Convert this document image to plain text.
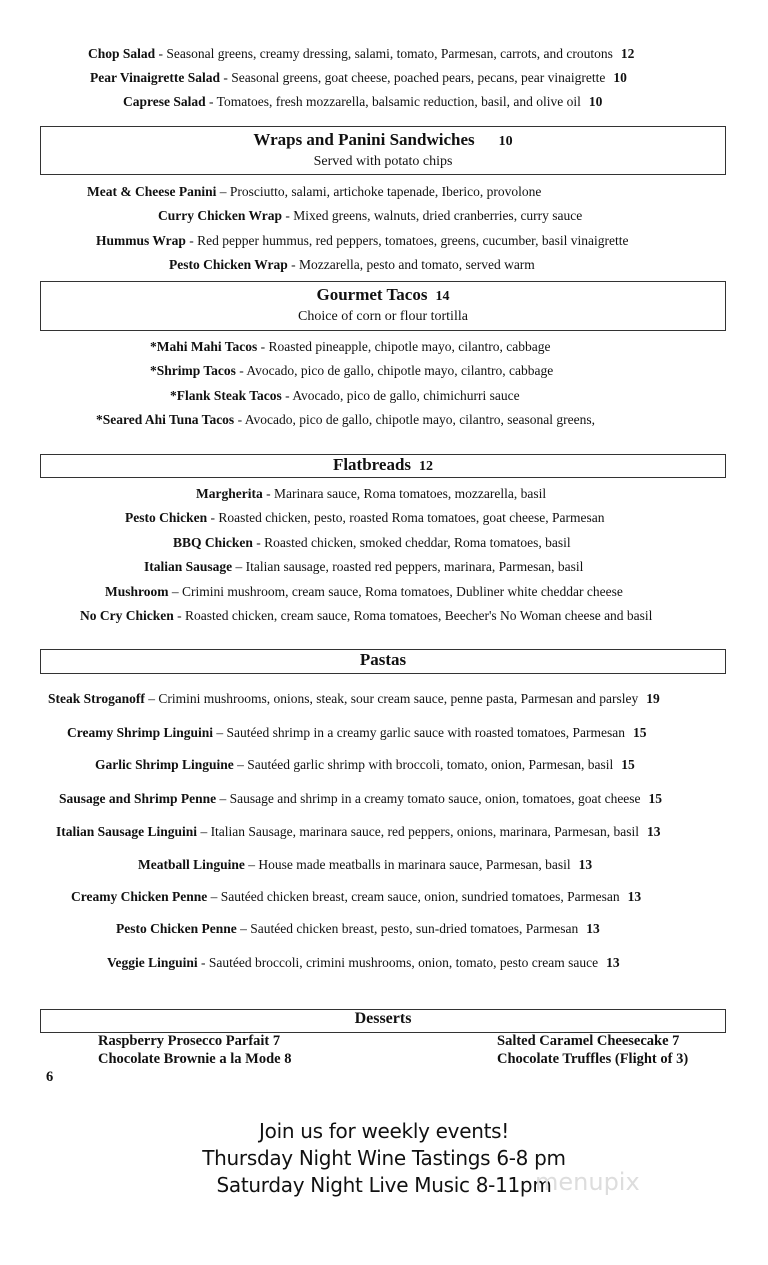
Chop Salad - Seasonal greens, creamy dressing, salami, tomato, Parmesan, carrots, and croutons 12
Pear Vinaigrette Salad - Seasonal greens, goat cheese, poached pears, pecans, pear vinaigrette 10
Caprese Salad - Tomatoes, fresh mozzarella, balsamic reduction, basil, and olive oil 10
Meat & Cheese Panini – Prosciutto, salami, artichoke tapenade, Iberico, provolone
Curry Chicken Wrap - Mixed greens, walnuts, dried cranberries, curry sauce
Hummus Wrap - Red pepper hummus, red peppers, tomatoes, greens, cucumber, basil vinaigrette
Pesto Chicken Wrap - Mozzarella, pesto and tomato, served warm
*Mahi Mahi Tacos - Roasted pineapple, chipotle mayo, cilantro, cabbage
*Shrimp Tacos - Avocado, pico de gallo, chipotle mayo, cilantro, cabbage
*Flank Steak Tacos - Avocado, pico de gallo, chimichurri sauce
*Seared Ahi Tuna Tacos - Avocado, pico de gallo, chipotle mayo, cilantro, seasonal greens,
Margherita - Marinara sauce, Roma tomatoes, mozzarella, basil
Pesto Chicken - Roasted chicken, pesto, roasted Roma tomatoes, goat cheese, Parmesan
BBQ Chicken - Roasted chicken, smoked cheddar, Roma tomatoes, basil
Italian Sausage – Italian sausage, roasted red peppers, marinara, Parmesan, basil
Mushroom – Crimini mushroom, cream sauce, Roma tomatoes, Dubliner white cheddar cheese
No Cry Chicken - Roasted chicken, cream sauce, Roma tomatoes, Beecher's No Woman cheese and basil
Steak Stroganoff – Crimini mushrooms, onions, steak, sour cream sauce, penne pasta, Parmesan and parsley 19
Creamy Shrimp Linguini – Sautéed shrimp in a creamy garlic sauce with roasted tomatoes, Parmesan 15
Garlic Shrimp Linguine – Sautéed garlic shrimp with broccoli, tomato, onion, Parmesan, basil 15
Sausage and Shrimp Penne – Sausage and shrimp in a creamy tomato sauce, onion, tomatoes, goat cheese 15
Italian Sausage Linguini – Italian Sausage, marinara sauce, red peppers, onions, marinara, Parmesan, basil 13
Meatball Linguine – House made meatballs in marinara sauce, Parmesan, basil 13
Creamy Chicken Penne – Sautéed chicken breast, cream sauce, onion, sundried tomatoes, Parmesan 13
Pesto Chicken Penne – Sautéed chicken breast, pesto, sun-dried tomatoes, Parmesan 13
Veggie Linguini - Sautéed broccoli, crimini mushrooms, onion, tomato, pesto cream sauce 13
Wraps and Panini Sandwiches 10
Served with potato chips
Gourmet Tacos 14
Choice of corn or flour tortilla
Flatbreads 12
Pastas
Desserts
Raspberry Prosecco Parfait 7
Chocolate Brownie a la Mode 8
Salted Caramel Cheesecake 7
Chocolate Truffles (Flight of 3)
6
Join us for weekly events!
Thursday Night Wine Tastings 6-8 pm
Saturday Night Live Music 8-11pm
menupix
